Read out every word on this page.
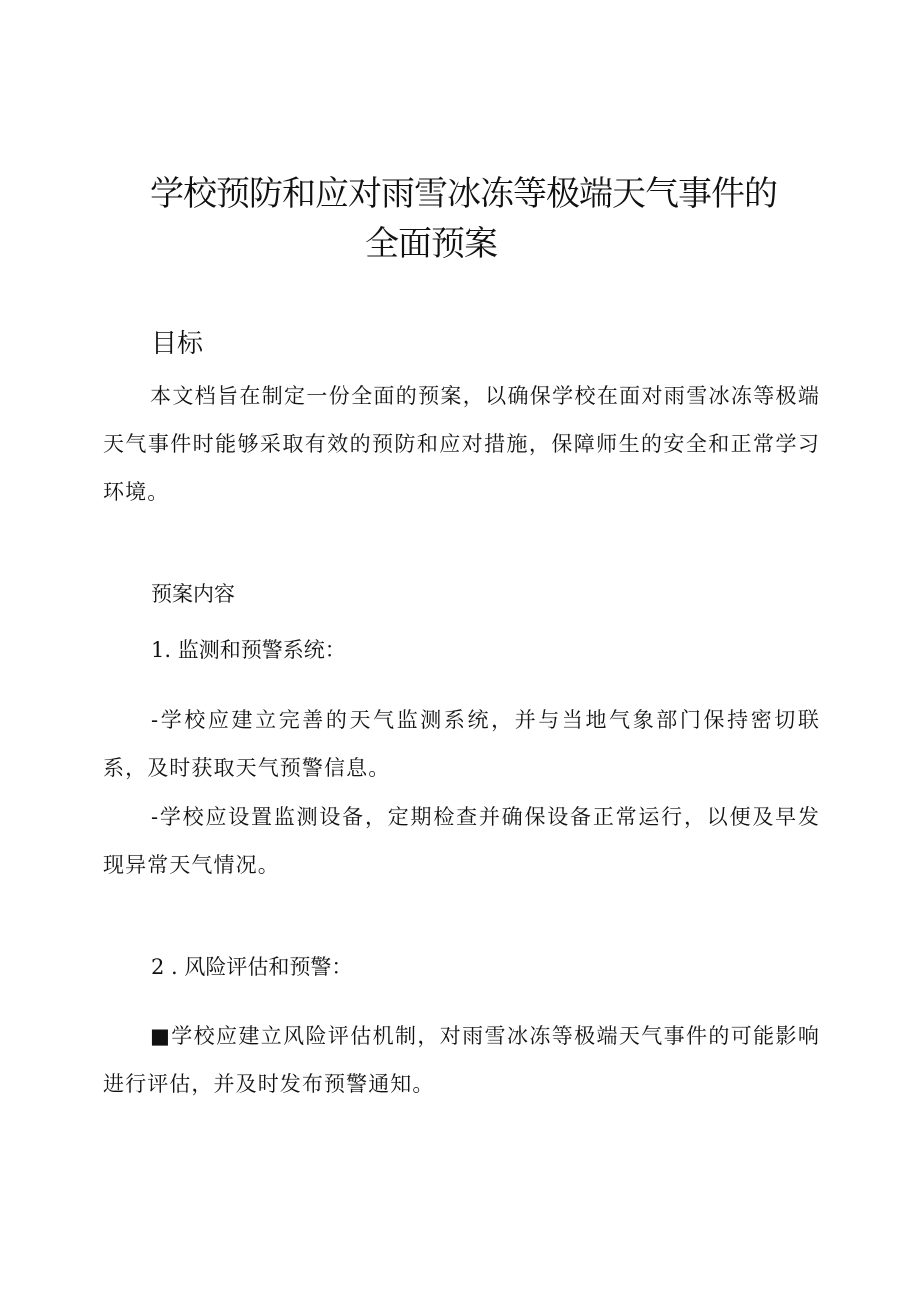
学校预防和应对雨雪冰冻等极端天气事件的
全面预案
目标

本文档旨在制定一份全面的预案，以确保学校在面对雨雪冰冻等极端天气事件时能够采取有效的预防和应对措施，保障师生的安全和正常学习环境。

预案内容

1. 监测和预警系统：

-学校应建立完善的天气监测系统，并与当地气象部门保持密切联系，及时获取天气预警信息。

-学校应设置监测设备，定期检查并确保设备正常运行，以便及早发现异常天气情况。

2 . 风险评估和预警：

■学校应建立风险评估机制，对雨雪冰冻等极端天气事件的可能影响进行评估，并及时发布预警通知。
